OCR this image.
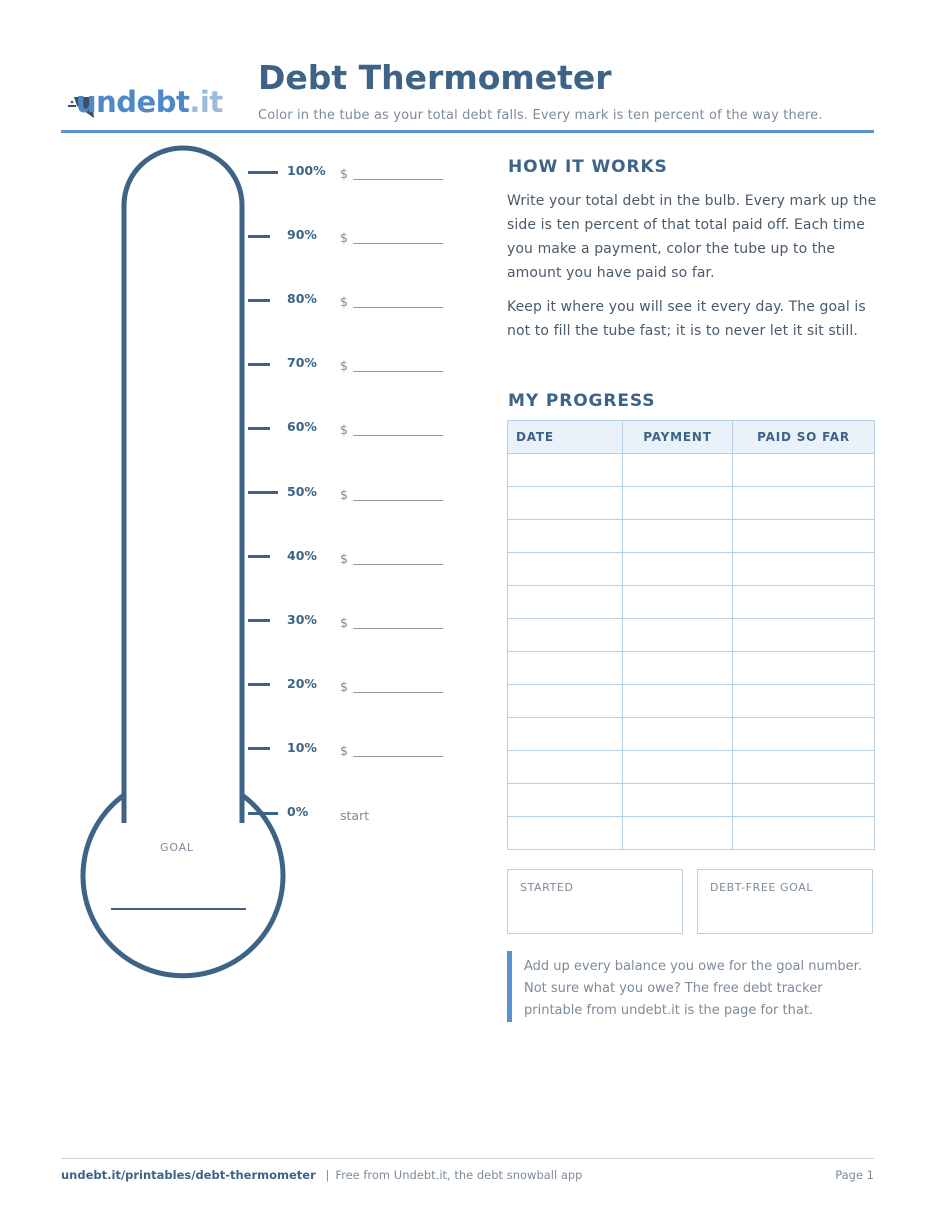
undebt.it
Debt Thermometer
Color in the tube as your total debt falls. Every mark is ten percent of the way there.
100% $
90% $
80% $
70% $
60% $
50% $
40% $
30% $
20% $
10% $
0%	start
GOAL
HOW IT WORKS
Write your total debt in the bulb. Every mark up the side is ten percent of that total paid off. Each time you make a payment, color the tube up to the amount you have paid so far.
Keep it where you will see it every day. The goal is not to fill the tube fast; it is to never let it sit still.
MY PROGRESS
DATE	PAYMENT	PAID SO FAR

STARTED	DEBT-FREE GOAL
Add up every balance you owe for the goal number. Not sure what you owe? The free debt tracker printable from undebt.it is the page for that.
undebt.it/printables/debt-thermometer | Free from Undebt.it, the debt snowball app	Page 1
